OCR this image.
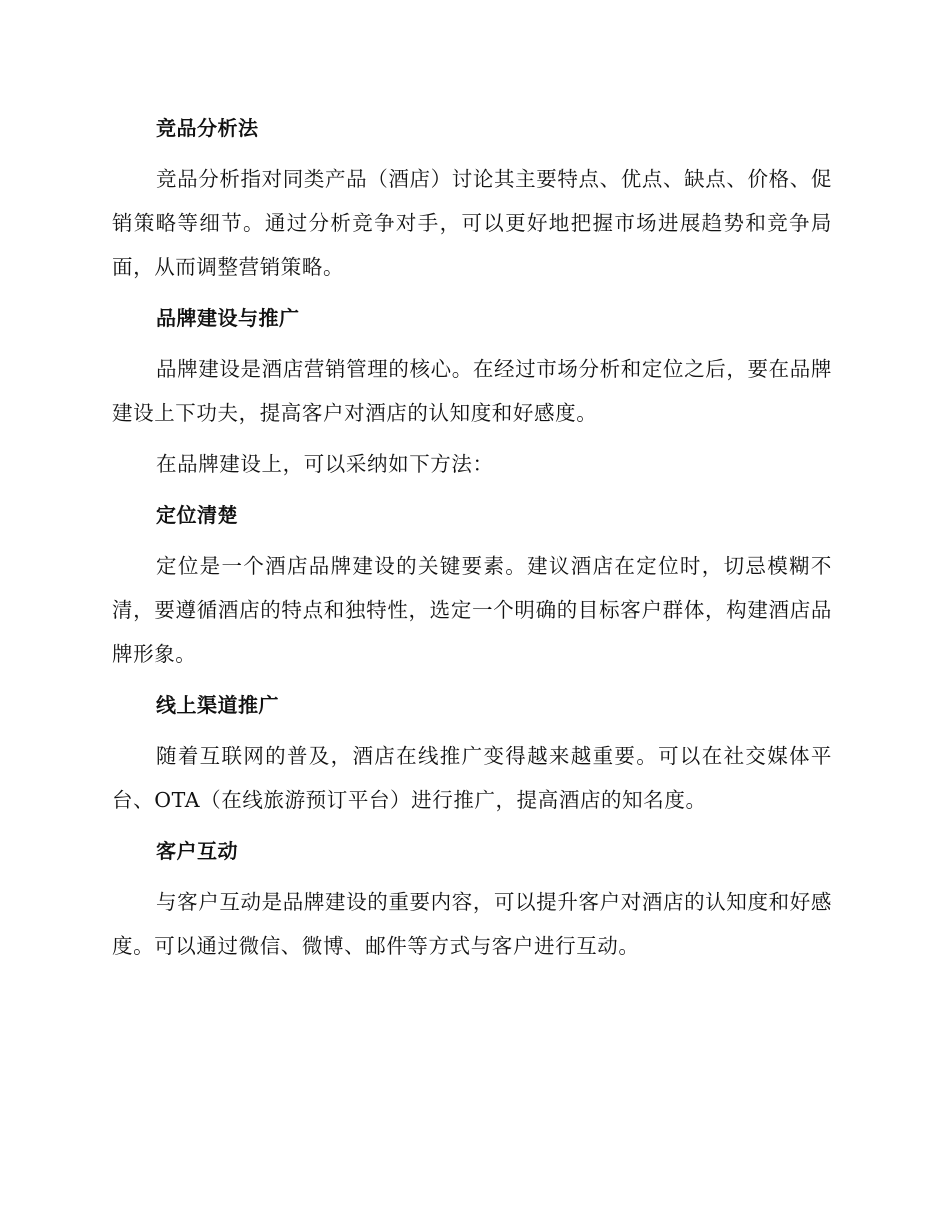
竞品分析法

竞品分析指对同类产品（酒店）讨论其主要特点、优点、缺点、价格、促销策略等细节。通过分析竞争对手，可以更好地把握市场进展趋势和竞争局面，从而调整营销策略。

品牌建设与推广

品牌建设是酒店营销管理的核心。在经过市场分析和定位之后，要在品牌建设上下功夫，提高客户对酒店的认知度和好感度。

在品牌建设上，可以采纳如下方法：

定位清楚

定位是一个酒店品牌建设的关键要素。建议酒店在定位时，切忌模糊不清，要遵循酒店的特点和独特性，选定一个明确的目标客户群体，构建酒店品牌形象。

线上渠道推广

随着互联网的普及，酒店在线推广变得越来越重要。可以在社交媒体平台、OTA（在线旅游预订平台）进行推广，提高酒店的知名度。

客户互动

与客户互动是品牌建设的重要内容，可以提升客户对酒店的认知度和好感度。可以通过微信、微博、邮件等方式与客户进行互动。
